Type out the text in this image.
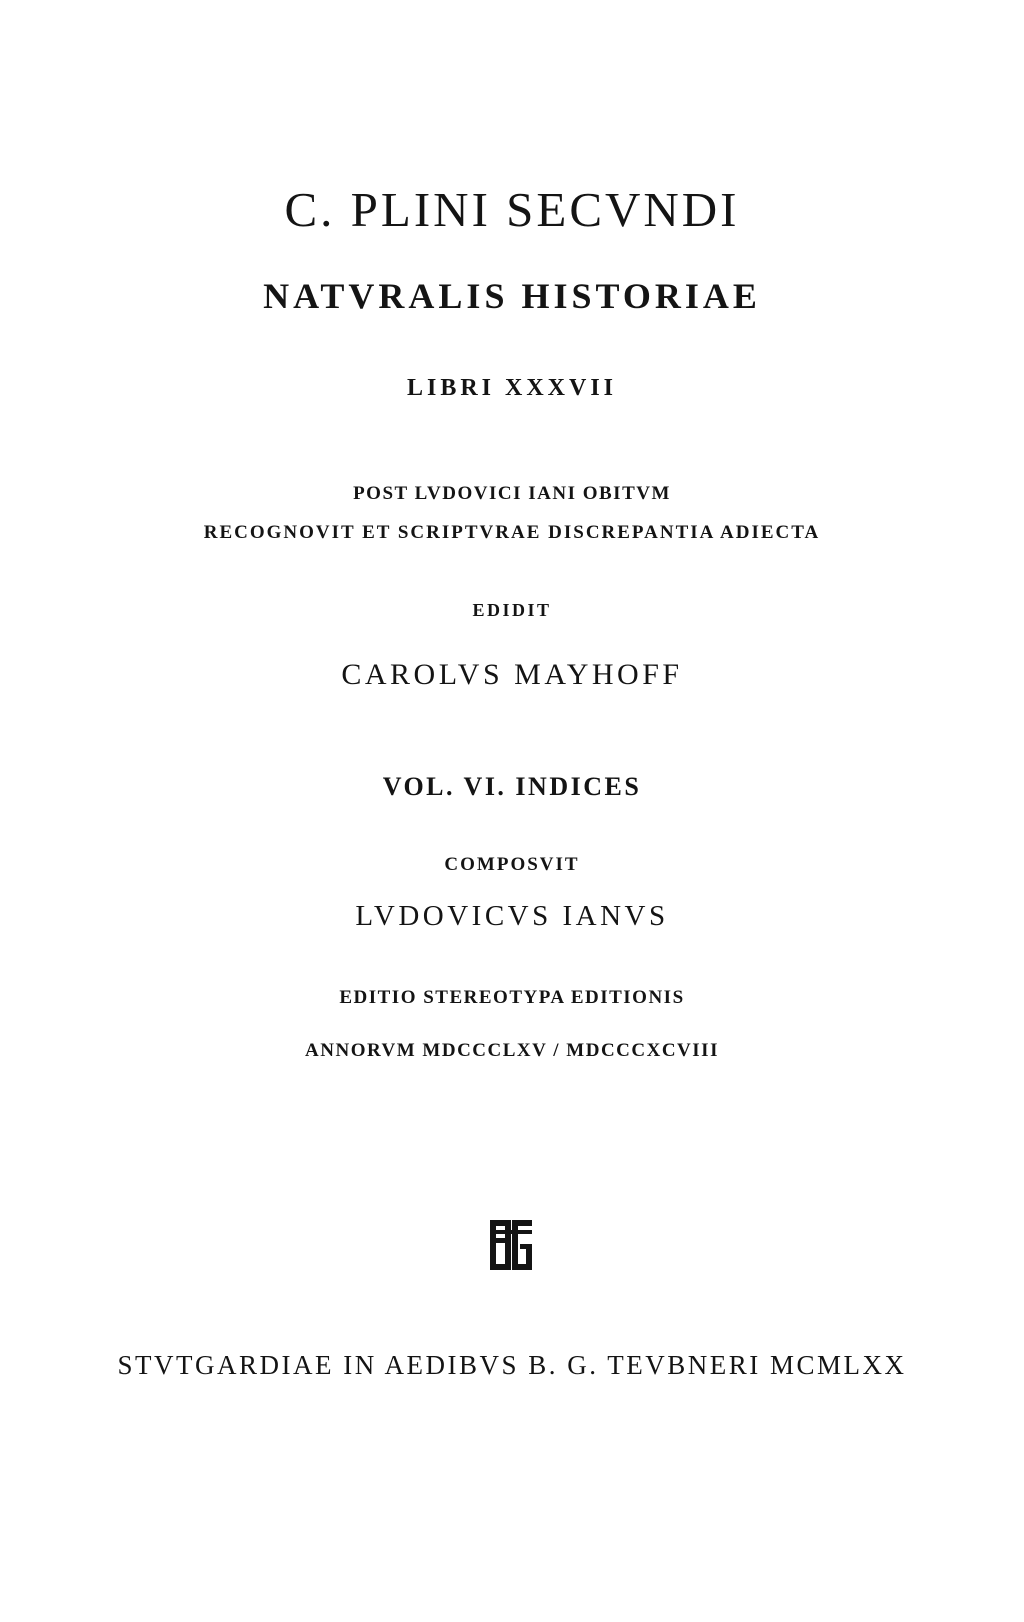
C. PLINI SECVNDI
NATVRALIS HISTORIAE
LIBRI XXXVII
POST LVDOVICI IANI OBITVM
RECOGNOVIT ET SCRIPTVRAE DISCREPANTIA ADIECTA
EDIDIT
CAROLVS MAYHOFF
VOL. VI. INDICES
COMPOSVIT
LVDOVICVS IANVS
EDITIO STEREOTYPA EDITIONIS
ANNORVM MDCCCLXV / MDCCCXCVIII
STVTGARDIAE IN AEDIBVS B. G. TEVBNERI MCMLXX
